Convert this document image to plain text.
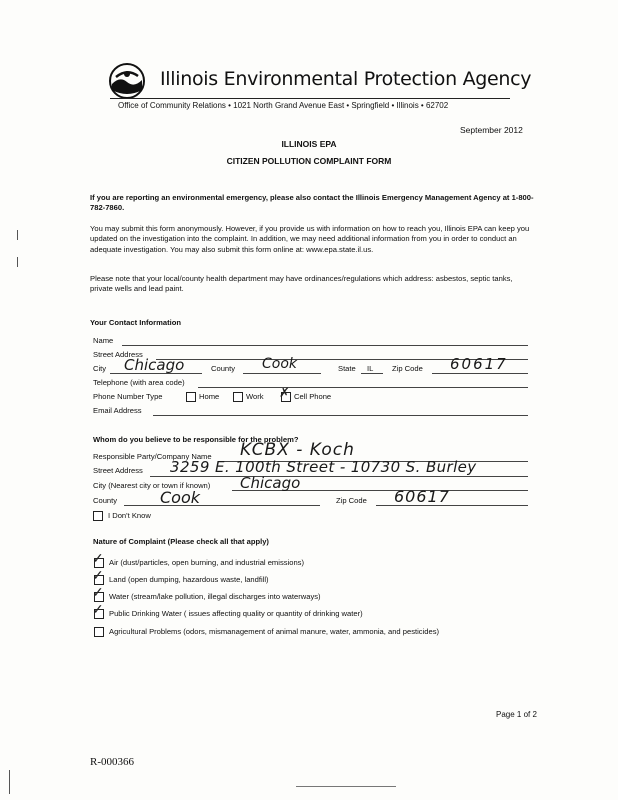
Illinois Environmental Protection Agency
Office of Community Relations • 1021 North Grand Avenue East • Springfield • Illinois • 62702
September 2012
ILLINOIS EPA
CITIZEN POLLUTION COMPLAINT FORM
If you are reporting an environmental emergency, please also contact the Illinois Emergency Management Agency at 1-800-782-7860.
You may submit this form anonymously. However, if you provide us with information on how to reach you, Illinois EPA can keep you updated on the investigation into the complaint. In addition, we may need additional information from you in order to conduct an adequate investigation. You may also submit this form online at: www.epa.state.il.us.
Please note that your local/county health department may have ordinances/regulations which address: asbestos, septic tanks, private wells and lead paint.
Your Contact Information
Name
Street Address
City Chicago	County Cook	State IL Zip Code 60617
Telephone (with area code)
Phone Number Type	Home	Work ✗ Cell Phone
Email Address
Whom do you believe to be responsible for the problem?
Responsible Party/Company Name KCBX - Koch
Street Address 3259 E. 100th Street - 10730 S. Burley
City (Nearest city or town if known) Chicago
County	Cook	Zip Code 60617
I Don't Know
Nature of Complaint (Please check all that apply)
✓ Air (dust/particles, open burning, and industrial emissions)
✓ Land (open dumping, hazardous waste, landfill)
✓ Water (stream/lake pollution, illegal discharges into waterways)
✓ Public Drinking Water ( issues affecting quality or quantity of drinking water)
Agricultural Problems (odors, mismanagement of animal manure, water, ammonia, and pesticides)
Page 1 of 2
R-000366
